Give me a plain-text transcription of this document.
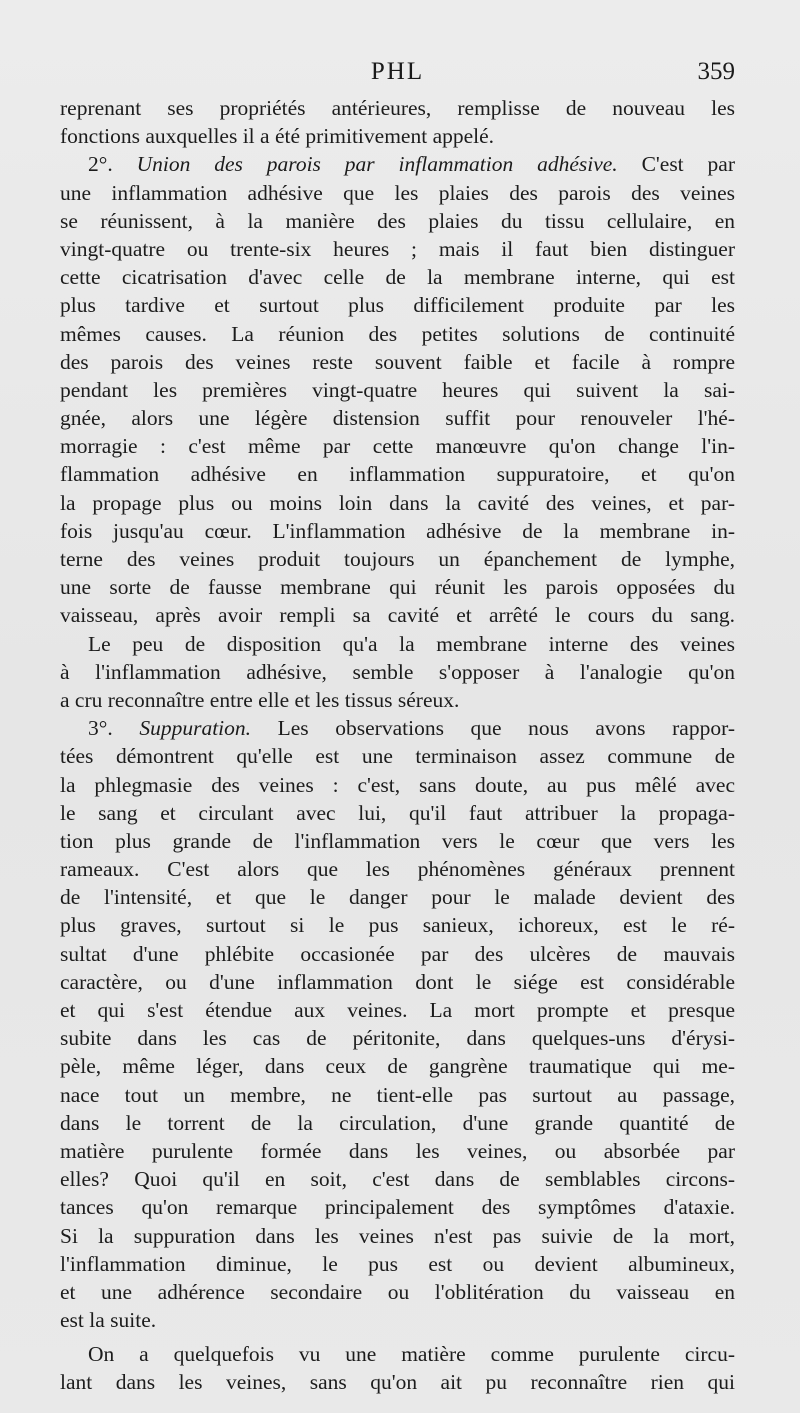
PHL	359
reprenant ses propriétés antérieures, remplisse de nouveau les
fonctions auxquelles il a été primitivement appelé.
2°. Union des parois par inflammation adhésive. C'est par
une inflammation adhésive que les plaies des parois des veines
se réunissent, à la manière des plaies du tissu cellulaire, en
vingt-quatre ou trente-six heures ; mais il faut bien distinguer
cette cicatrisation d'avec celle de la membrane interne, qui est
plus tardive et surtout plus difficilement produite par les
mêmes causes. La réunion des petites solutions de continuité
des parois des veines reste souvent faible et facile à rompre
pendant les premières vingt-quatre heures qui suivent la sai-
gnée, alors une légère distension suffit pour renouveler l'hé-
morragie : c'est même par cette manœuvre qu'on change l'in-
flammation adhésive en inflammation suppuratoire, et qu'on
la propage plus ou moins loin dans la cavité des veines, et par-
fois jusqu'au cœur. L'inflammation adhésive de la membrane in-
terne des veines produit toujours un épanchement de lymphe,
une sorte de fausse membrane qui réunit les parois opposées du
vaisseau, après avoir rempli sa cavité et arrêté le cours du sang.
Le peu de disposition qu'a la membrane interne des veines
à l'inflammation adhésive, semble s'opposer à l'analogie qu'on
a cru reconnaître entre elle et les tissus séreux.
3°. Suppuration. Les observations que nous avons rappor-
tées démontrent qu'elle est une terminaison assez commune de
la phlegmasie des veines : c'est, sans doute, au pus mêlé avec
le sang et circulant avec lui, qu'il faut attribuer la propaga-
tion plus grande de l'inflammation vers le cœur que vers les
rameaux. C'est alors que les phénomènes généraux prennent
de l'intensité, et que le danger pour le malade devient des
plus graves, surtout si le pus sanieux, ichoreux, est le ré-
sultat d'une phlébite occasionée par des ulcères de mauvais
caractère, ou d'une inflammation dont le siége est considérable
et qui s'est étendue aux veines. La mort prompte et presque
subite dans les cas de péritonite, dans quelques-uns d'érysi-
pèle, même léger, dans ceux de gangrène traumatique qui me-
nace tout un membre, ne tient-elle pas surtout au passage,
dans le torrent de la circulation, d'une grande quantité de
matière purulente formée dans les veines, ou absorbée par
elles? Quoi qu'il en soit, c'est dans de semblables circons-
tances qu'on remarque principalement des symptômes d'ataxie.
Si la suppuration dans les veines n'est pas suivie de la mort,
l'inflammation diminue, le pus est ou devient albumineux,
et une adhérence secondaire ou l'oblitération du vaisseau en
est la suite.
On a quelquefois vu une matière comme purulente circu-
lant dans les veines, sans qu'on ait pu reconnaître rien qui
